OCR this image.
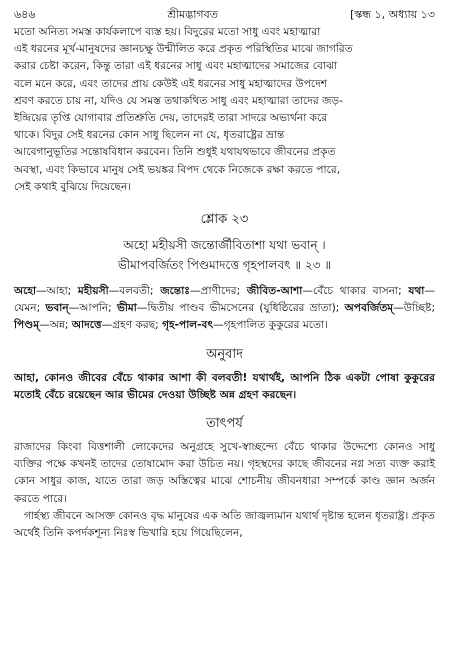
৬৪৬	শ্রীমদ্ভাগবত	[স্কন্ধ ১, অধ্যায় ১৩

মতো অনিত্য সমস্ত কার্যকলাপে ব্যস্ত হয়। বিদুরের মতো সাধু এবং মহাত্মারা

এই ধরনের মূর্খ-মানুষদের জ্ঞানচক্ষু উন্মীলিত করে প্রকৃত পরিস্থিতির মাঝে জাগরিত

করার চেষ্টা করেন, কিন্তু তারা এই ধরনের সাধু এবং মহাত্মাদের সমাজের বোঝা

বলে মনে করে, এবং তাদের প্রায় কেউই এই ধরনের সাধু মহাত্মাদের উপদেশ

শ্রবণ করতে চায় না, যদিও যে সমস্ত তথাকথিত সাধু এবং মহাত্মারা তাদের জড়-

ইন্দ্রিয়ের তৃপ্তি যোগাবার প্রতিশ্রুতি দেয়, তাদেরই তারা সাদরে অভ্যর্থনা করে

থাকে। বিদুর সেই ধরনের কোন সাধু ছিলেন না যে, ধৃতরাষ্ট্রের ভ্রান্ত

আবেগানুভূতির সন্তোষবিধান করবেন। তিনি শুধুই যথাযথভাবে জীবনের প্রকৃত

অবস্থা, এবং কিভাবে মানুষ সেই ভয়ঙ্কর বিপদ থেকে নিজেকে রক্ষা করতে পারে,

সেই কথাই বুঝিয়ে দিয়েছেন।

শ্লোক ২৩

অহো মহীয়সী জন্তোর্জীবিতাশা যথা ভবান্ ।

ভীমাপবর্জিতং পিণ্ডমাদত্তে গৃহপালবৎ ॥ ২৩ ॥

অহো—আহা; মহীয়সী—বলবতী; জন্তোঃ—প্রাণীদের; জীবিত-আশা—বেঁচে থাকার বাসনা; যথা—যেমন; ভবান্—আপনি; ভীমা—দ্বিতীয় পাণ্ডব ভীমসেনের (যুধিষ্ঠিরের ভ্রাতা); অপবর্জিতম্—উচ্ছিষ্ট; পিণ্ডম্—অন্ন; আদত্তে—গ্রহণ করছ; গৃহ-পাল-বৎ—গৃহপালিত কুকুরের মতো।
অনুবাদ

আহা, কোনও জীবের বেঁচে থাকার আশা কী বলবতী! যথার্থই, আপনি ঠিক একটা পোষা কুকুরের মতোই বেঁচে রয়েছেন আর ভীমের দেওয়া উচ্ছিষ্ট অন্ন গ্রহণ করছেন।

তাৎপর্য

রাজাদের কিংবা বিত্তশালী লোকেদের অনুগ্রহে সুখে-স্বাচ্ছন্দ্যে বেঁচে থাকার উদ্দেশ্যে কোনও সাধু ব্যক্তির পক্ষে কখনই তাদের তোষামোদ করা উচিত নয়। গৃহস্থদের কাছে জীবনের নগ্ন সত্য ব্যক্ত করাই কোন সাধুর কাজ, যাতে তারা জড় অস্তিত্বের মাঝে শোচনীয় জীবনধারা সম্পর্কে কাণ্ড জ্ঞান অর্জন করতে পারে।

গার্হস্থ্য জীবনে আসক্ত কোনও বৃদ্ধ মানুষের এক অতি জাজ্বল্যমান যথার্থ দৃষ্টান্ত হলেন ধৃতরাষ্ট্র। প্রকৃত অর্থেই তিনি কপর্দকশূন্য নিঃস্ব ভিখারি হয়ে গিয়েছিলেন,
